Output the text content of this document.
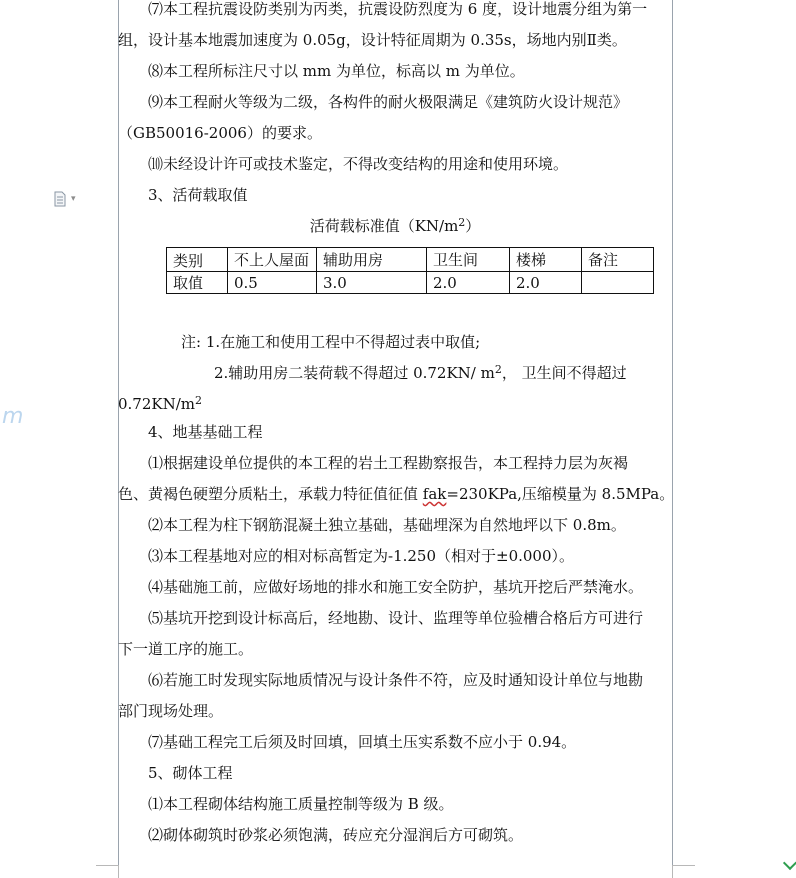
▾
m
⑺本工程抗震设防类别为丙类，抗震设防烈度为 6 度，设计地震分组为第一
组，设计基本地震加速度为 0.05g，设计特征周期为 0.35s，场地内别Ⅱ类。
⑻本工程所标注尺寸以 mm 为单位，标高以 m 为单位。
⑼本工程耐火等级为二级，各构件的耐火极限满足《建筑防火设计规范》
（GB50016-2006）的要求。
⑽未经设计许可或技术鉴定，不得改变结构的用途和使用环境。
3、活荷载取值
活荷载标准值$(KN/m^2)$
类别	不上人屋面	辅助用房	卫生间	楼梯	备注
取值	0.5	3.0	2.0	2.0	
注: 1.在施工和使用工程中不得超过表中取值;
2.辅助用房二装荷载不得超过 0.72KN/ $m^2$， 卫生间不得超过
$0.72KN/m^2$
4、地基基础工程
⑴根据建设单位提供的本工程的岩土工程勘察报告，本工程持力层为灰褐
色、黄褐色硬塑分质粘土，承载力特征值征值 fak=230KPa,压缩模量为 8.5MPa。
⑵本工程为柱下钢筋混凝土独立基础，基础埋深为自然地坪以下 0.8m。
⑶本工程基地对应的相对标高暂定为-1.250（相对于±0.000）。
⑷基础施工前，应做好场地的排水和施工安全防护，基坑开挖后严禁淹水。
⑸基坑开挖到设计标高后，经地勘、设计、监理等单位验槽合格后方可进行
下一道工序的施工。
⑹若施工时发现实际地质情况与设计条件不符，应及时通知设计单位与地勘
部门现场处理。
⑺基础工程完工后须及时回填，回填土压实系数不应小于 0.94。
5、砌体工程
⑴本工程砌体结构施工质量控制等级为 B 级。
⑵砌体砌筑时砂浆必须饱满，砖应充分湿润后方可砌筑。
